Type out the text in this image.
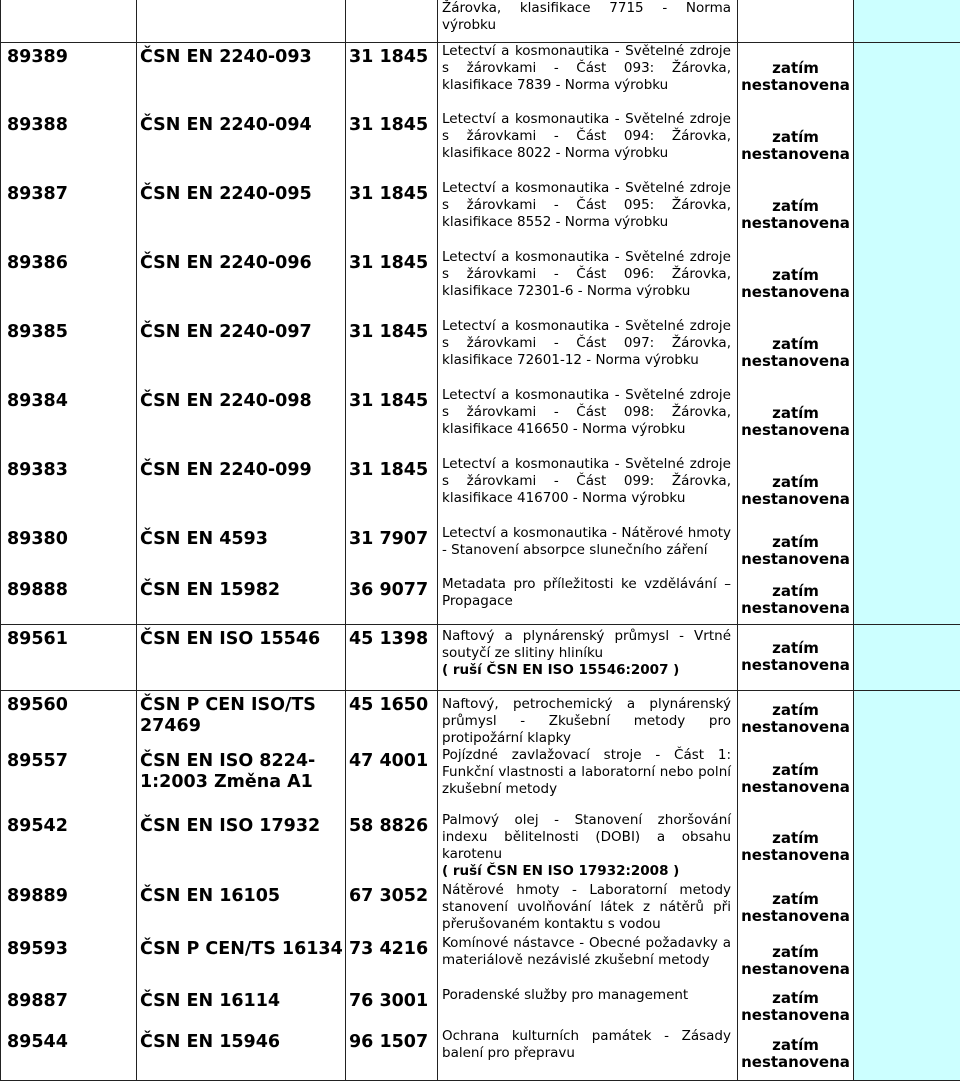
			Žárovka, klasifikace 7715 - Norma výrobku		
89389	ČSN EN 2240-093	31 1845	Letectví a kosmonautika - Světelné zdroje s žárovkami - Část 093: Žárovka, klasifikace 7839 - Norma výrobku	zatím
nestanovena	

89388	ČSN EN 2240-094	31 1845	Letectví a kosmonautika - Světelné zdroje s žárovkami - Část 094: Žárovka, klasifikace 8022 - Norma výrobku	zatím
nestanovena	

89387	ČSN EN 2240-095	31 1845	Letectví a kosmonautika - Světelné zdroje s žárovkami - Část 095: Žárovka, klasifikace 8552 - Norma výrobku	zatím
nestanovena	

89386	ČSN EN 2240-096	31 1845	Letectví a kosmonautika - Světelné zdroje s žárovkami - Část 096: Žárovka, klasifikace 72301-6 - Norma výrobku	zatím
nestanovena	

89385	ČSN EN 2240-097	31 1845	Letectví a kosmonautika - Světelné zdroje s žárovkami - Část 097: Žárovka, klasifikace 72601-12 - Norma výrobku	zatím
nestanovena	

89384	ČSN EN 2240-098	31 1845	Letectví a kosmonautika - Světelné zdroje s žárovkami - Část 098: Žárovka, klasifikace 416650 - Norma výrobku	zatím
nestanovena	

89383	ČSN EN 2240-099	31 1845	Letectví a kosmonautika - Světelné zdroje s žárovkami - Část 099: Žárovka, klasifikace 416700 - Norma výrobku	zatím
nestanovena	

89380	ČSN EN 4593	31 7907	Letectví a kosmonautika - Nátěrové hmoty - Stanovení absorpce slunečního záření	zatím
nestanovena	

89888	ČSN EN 15982	36 9077	Metadata pro příležitosti ke vzdělávání – Propagace	zatím
nestanovena	

89561	ČSN EN ISO 15546	45 1398	Naftový a plynárenský průmysl - Vrtné soutyčí ze slitiny hliníku
( ruší ČSN EN ISO 15546:2007 )	zatím
nestanovena	

89560	ČSN P CEN ISO/TS 27469	45 1650	Naftový, petrochemický a plynárenský průmysl - Zkušební metody pro protipožární klapky	zatím
nestanovena	

89557	ČSN EN ISO 8224-1:2003 Změna A1	47 4001	Pojízdné zavlažovací stroje - Část 1: Funkční vlastnosti a laboratorní nebo polní zkušební metody	zatím
nestanovena	

89542	ČSN EN ISO 17932	58 8826	Palmový olej - Stanovení zhoršování indexu bělitelnosti (DOBI) a obsahu karotenu
( ruší ČSN EN ISO 17932:2008 )	zatím
nestanovena	

89889	ČSN EN 16105	67 3052	Nátěrové hmoty - Laboratorní metody stanovení uvolňování látek z nátěrů při přerušovaném kontaktu s vodou	zatím
nestanovena	

89593	ČSN P CEN/TS 16134	73 4216	Komínové nástavce - Obecné požadavky a materiálově nezávislé zkušební metody	zatím
nestanovena	

89887	ČSN EN 16114	76 3001	Poradenské služby pro management	zatím
nestanovena	

89544	ČSN EN 15946	96 1507	Ochrana kulturních památek - Zásady balení pro přepravu	zatím
nestanovena	
